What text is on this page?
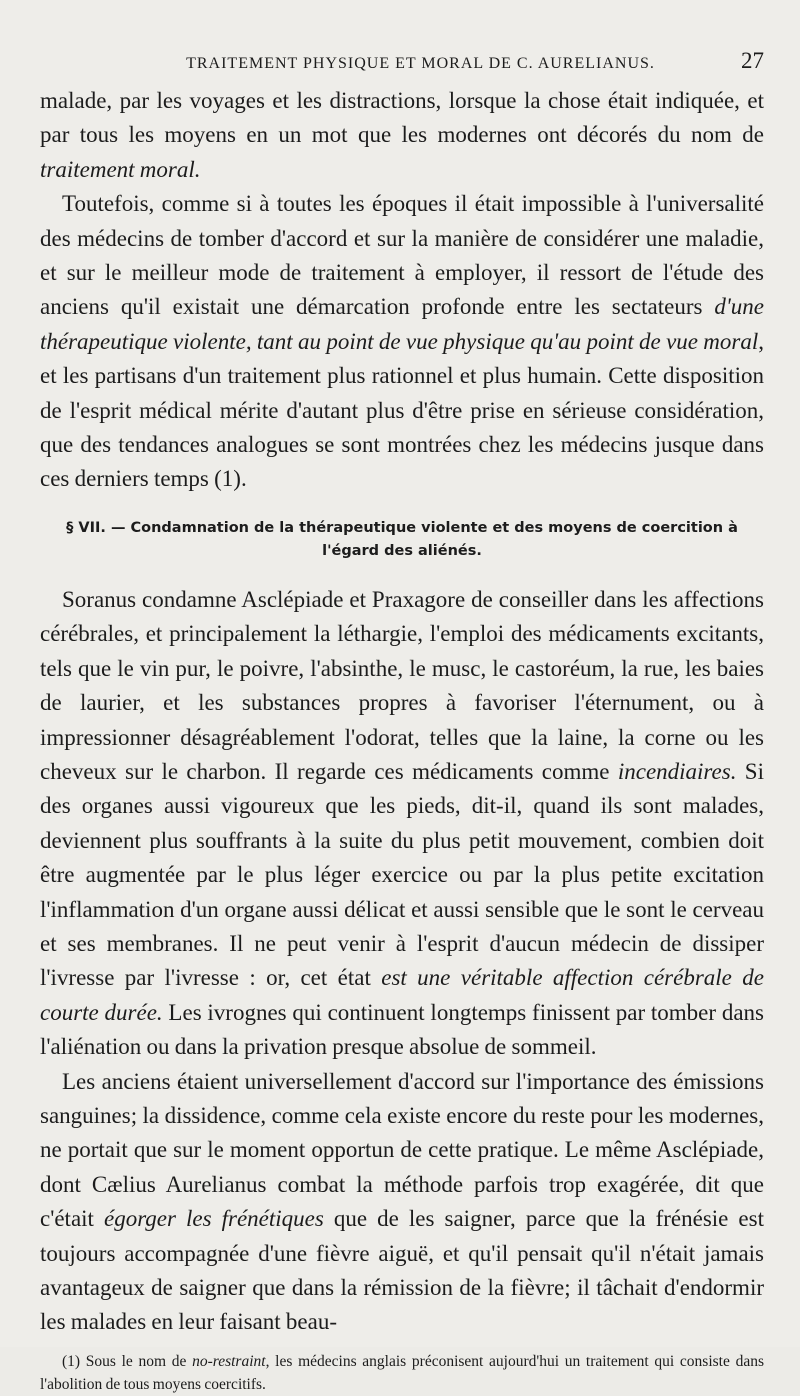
TRAITEMENT PHYSIQUE ET MORAL DE C. AURELIANUS.	27

malade, par les voyages et les distractions, lorsque la chose était indiquée, et par tous les moyens en un mot que les modernes ont décorés du nom de traitement moral.

Toutefois, comme si à toutes les époques il était impossible à l'universalité des médecins de tomber d'accord et sur la manière de considérer une maladie, et sur le meilleur mode de traitement à employer, il ressort de l'étude des anciens qu'il existait une démarcation profonde entre les sectateurs d'une thérapeutique violente, tant au point de vue physique qu'au point de vue moral, et les partisans d'un traitement plus rationnel et plus humain. Cette disposition de l'esprit médical mérite d'autant plus d'être prise en sérieuse considération, que des tendances analogues se sont montrées chez les médecins jusque dans ces derniers temps (1).

§ VII. — Condamnation de la thérapeutique violente et des moyens de coercition à l'égard des aliénés.

Soranus condamne Asclépiade et Praxagore de conseiller dans les affections cérébrales, et principalement la léthargie, l'emploi des médicaments excitants, tels que le vin pur, le poivre, l'absinthe, le musc, le castoréum, la rue, les baies de laurier, et les substances propres à favoriser l'éternument, ou à impressionner désagréablement l'odorat, telles que la laine, la corne ou les cheveux sur le charbon. Il regarde ces médicaments comme incendiaires. Si des organes aussi vigoureux que les pieds, dit-il, quand ils sont malades, deviennent plus souffrants à la suite du plus petit mouvement, combien doit être augmentée par le plus léger exercice ou par la plus petite excitation l'inflammation d'un organe aussi délicat et aussi sensible que le sont le cerveau et ses membranes. Il ne peut venir à l'esprit d'aucun médecin de dissiper l'ivresse par l'ivresse : or, cet état est une véritable affection cérébrale de courte durée. Les ivrognes qui continuent longtemps finissent par tomber dans l'aliénation ou dans la privation presque absolue de sommeil.

Les anciens étaient universellement d'accord sur l'importance des émissions sanguines; la dissidence, comme cela existe encore du reste pour les modernes, ne portait que sur le moment opportun de cette pratique. Le même Asclépiade, dont Cælius Aurelianus combat la méthode parfois trop exagérée, dit que c'était égorger les frénétiques que de les saigner, parce que la frénésie est toujours accompagnée d'une fièvre aiguë, et qu'il pensait qu'il n'était jamais avantageux de saigner que dans la rémission de la fièvre; il tâchait d'endormir les malades en leur faisant beau-

(1) Sous le nom de no-restraint, les médecins anglais préconisent aujourd'hui un traitement qui consiste dans l'abolition de tous moyens coercitifs.
